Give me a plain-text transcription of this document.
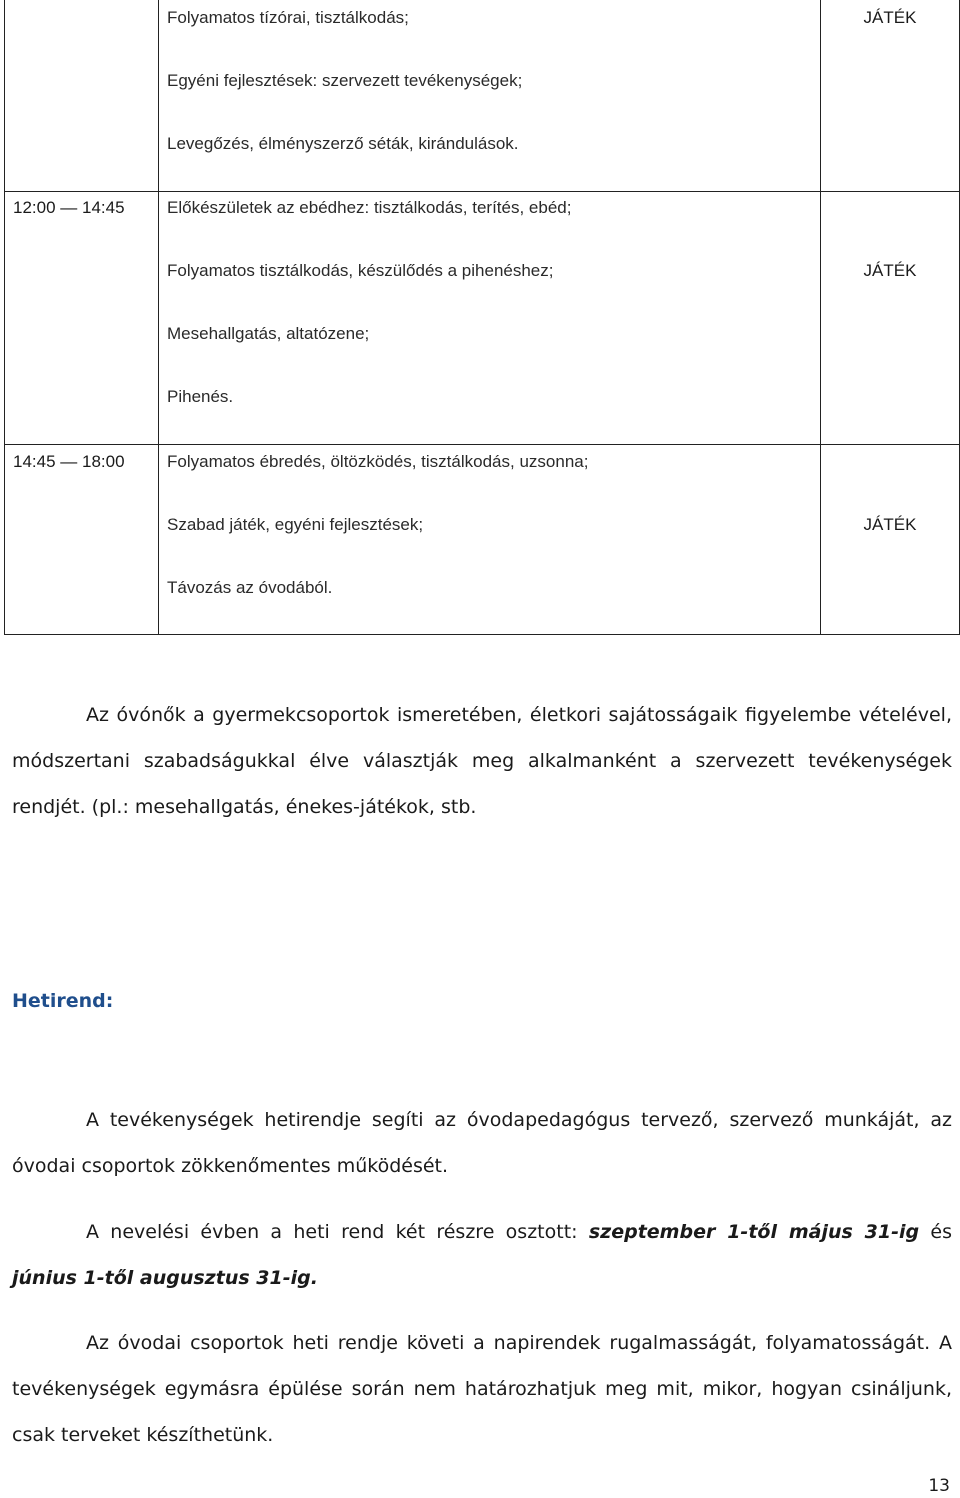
	Folyamatos tízórai, tisztálkodás;
Egyéni fejlesztések: szervezett tevékenységek;
Levegőzés, élményszerző séták, kirándulások.	JÁTÉK

12:00 ― 14:45	Előkészületek az ebédhez: tisztálkodás, terítés, ebéd;
Folyamatos tisztálkodás, készülődés a pihenéshez;
Mesehallgatás, altatózene;
Pihenés.	JÁTÉK

14:45 ― 18:00	Folyamatos ébredés, öltözködés, tisztálkodás, uzsonna;
Szabad játék, egyéni fejlesztések;
Távozás az óvodából.	JÁTÉK

Az óvónők a gyermekcsoportok ismeretében, életkori sajátosságaik figyelembe vételével, módszertani szabadságukkal élve választják meg alkalmanként a szervezett tevékenységek rendjét. (pl.: mesehallgatás, énekes-játékok, stb.

Hetirend:

A tevékenységek hetirendje segíti az óvodapedagógus tervező, szervező munkáját, az óvodai csoportok zökkenőmentes működését.

A nevelési évben a heti rend két részre osztott: szeptember 1-től május 31-ig és június 1-től augusztus 31-ig.

Az óvodai csoportok heti rendje követi a napirendek rugalmasságát, folyamatosságát. A tevékenységek egymásra épülése során nem határozhatjuk meg mit, mikor, hogyan csináljunk, csak terveket készíthetünk.

13
